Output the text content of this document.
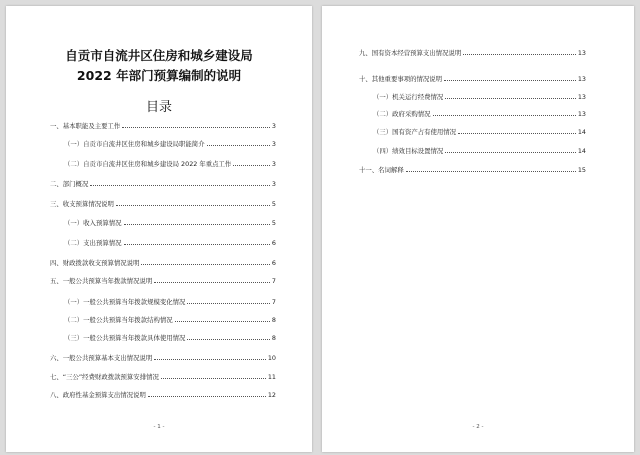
自贡市自流井区住房和城乡建设局
2022 年部门预算编制的说明
目录
一、基本职能及主要工作	3
（一）自贡市自流井区住房和城乡建设局职能简介	3
（二）自贡市自流井区住房和城乡建设局 2022 年重点工作	3
二、部门概况	3
三、收支预算情况说明	5
（一）收入预算情况	5
（二）支出预算情况	6
四、财政拨款收支预算情况说明	6
五、一般公共预算当年拨款情况说明	7
（一）一般公共预算当年拨款规模变化情况	7
（二）一般公共预算当年拨款结构情况	8
（三）一般公共预算当年拨款具体使用情况	8
六、一般公共预算基本支出情况说明	10
七、“三公”经费财政拨款预算安排情况	11
八、政府性基金预算支出情况说明	12
- 1 -
九、国有资本经营预算支出情况说明	13
十、其他重要事项的情况说明	13
（一）机关运行经费情况	13
（二）政府采购情况	13
（三）国有资产占有使用情况	14
（四）绩效目标设置情况	14
十一、名词解释	15
- 2 -
